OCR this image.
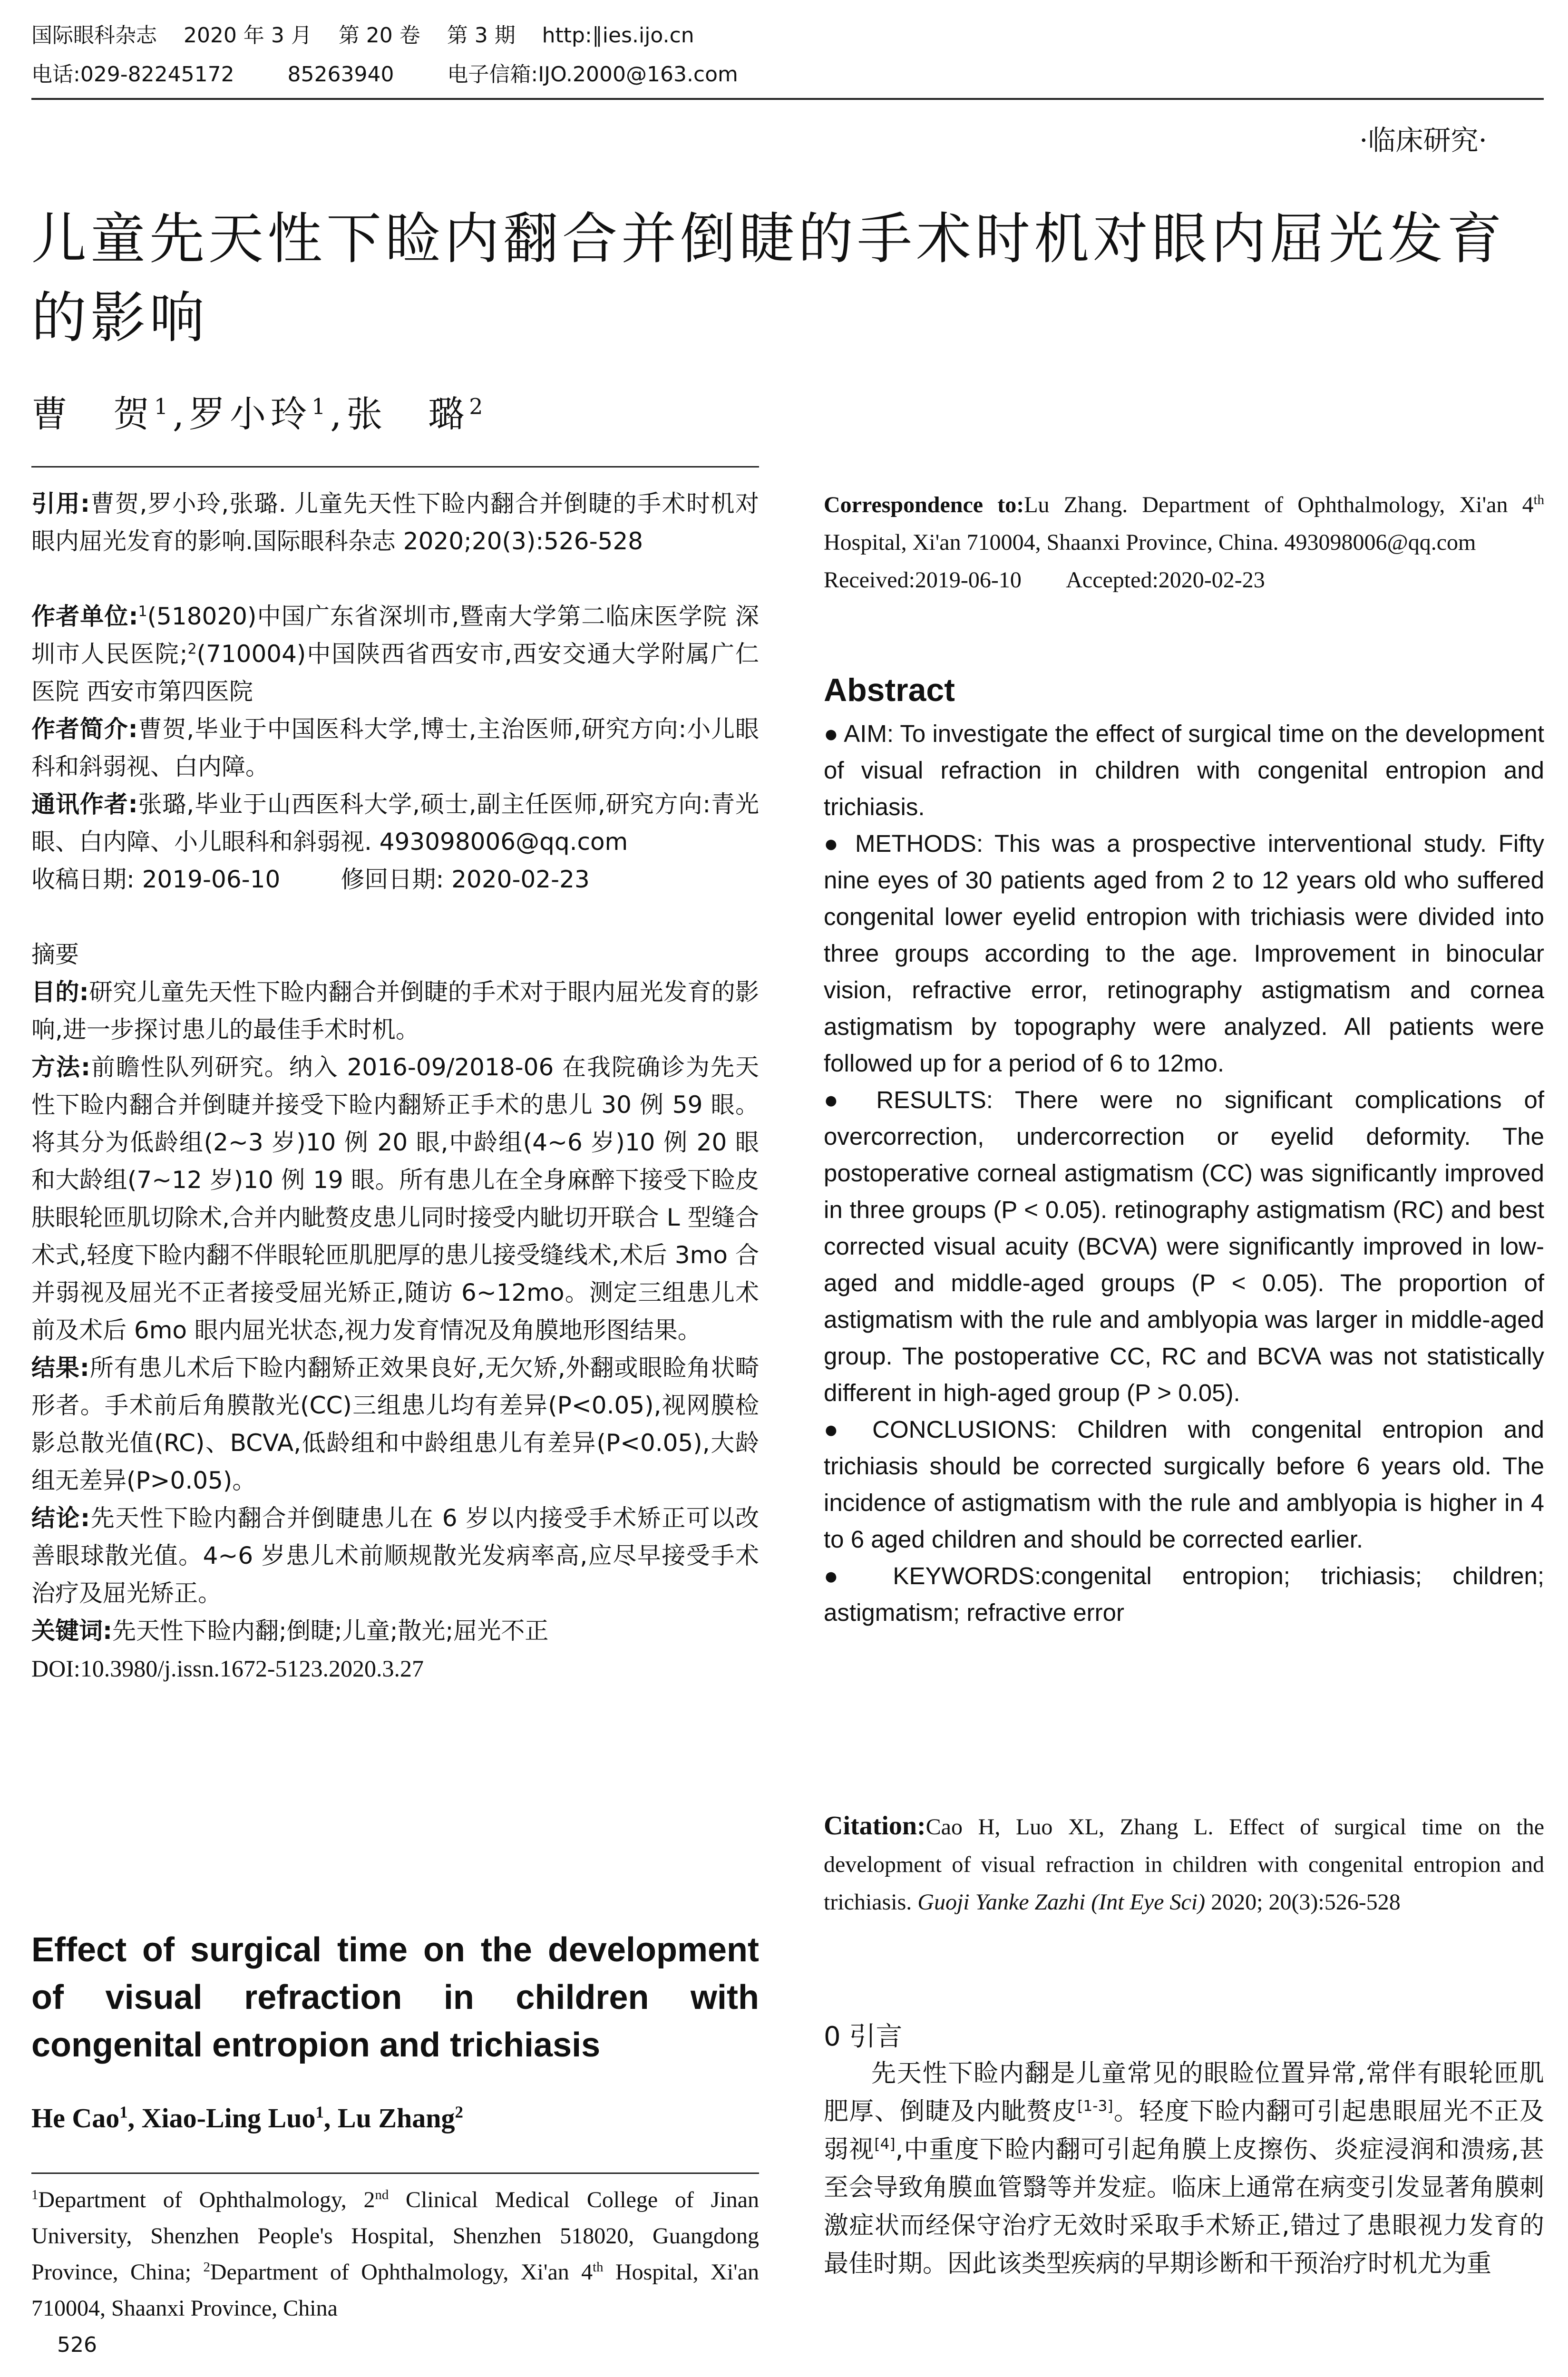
国际眼科杂志    2020 年 3 月    第 20 卷    第 3 期    http:∥ies.ijo.cn
电话:029-82245172        85263940        电子信箱:IJO.2000@163.com
·临床研究·
儿童先天性下睑内翻合并倒睫的手术时机对眼内屈光发育的影响
曹　贺$^1$,罗小玲$^1$,张　璐$^2$

引用:曹贺,罗小玲,张璐. 儿童先天性下睑内翻合并倒睫的手术时机对眼内屈光发育的影响.国际眼科杂志 2020;20(3):526-528

作者单位:$^1$(518020)中国广东省深圳市,暨南大学第二临床医学院 深圳市人民医院;$^2$(710004)中国陕西省西安市,西安交通大学附属广仁医院 西安市第四医院

作者简介:曹贺,毕业于中国医科大学,博士,主治医师,研究方向:小儿眼科和斜弱视、白内障。

通讯作者:张璐,毕业于山西医科大学,硕士,副主任医师,研究方向:青光眼、白内障、小儿眼科和斜弱视. 493098006@qq.com

收稿日期: 2019-06-10        修回日期: 2020-02-23

摘要

目的:研究儿童先天性下睑内翻合并倒睫的手术对于眼内屈光发育的影响,进一步探讨患儿的最佳手术时机。

方法:前瞻性队列研究。纳入 2016-09/2018-06 在我院确诊为先天性下睑内翻合并倒睫并接受下睑内翻矫正手术的患儿 30 例 59 眼。将其分为低龄组(2~3 岁)10 例 20 眼,中龄组(4~6 岁)10 例 20 眼和大龄组(7~12 岁)10 例 19 眼。所有患儿在全身麻醉下接受下睑皮肤眼轮匝肌切除术,合并内眦赘皮患儿同时接受内眦切开联合 L 型缝合术式,轻度下睑内翻不伴眼轮匝肌肥厚的患儿接受缝线术,术后 3mo 合并弱视及屈光不正者接受屈光矫正,随访 6~12mo。测定三组患儿术前及术后 6mo 眼内屈光状态,视力发育情况及角膜地形图结果。

结果:所有患儿术后下睑内翻矫正效果良好,无欠矫,外翻或眼睑角状畸形者。手术前后角膜散光(CC)三组患儿均有差异(P<0.05),视网膜检影总散光值(RC)、BCVA,低龄组和中龄组患儿有差异(P<0.05),大龄组无差异(P>0.05)。

结论:先天性下睑内翻合并倒睫患儿在 6 岁以内接受手术矫正可以改善眼球散光值。4~6 岁患儿术前顺规散光发病率高,应尽早接受手术治疗及屈光矫正。

关键词:先天性下睑内翻;倒睫;儿童;散光;屈光不正

DOI:10.3980/j.issn.1672-5123.2020.3.27

Effect of surgical time on the development of visual refraction in children with congenital entropion and trichiasis
He Cao$^1$, Xiao-Ling Luo$^1$, Lu Zhang$^2$
$^1$Department of Ophthalmology, 2nd Clinical Medical College of Jinan University, Shenzhen People's Hospital, Shenzhen 518020, Guangdong Province, China; $^2$Department of Ophthalmology, Xi'an 4th Hospital, Xi'an 710004, Shaanxi Province, China

Correspondence to:Lu Zhang. Department of Ophthalmology, Xi'an 4th Hospital, Xi'an 710004, Shaanxi Province, China. 493098006@qq.com

Received:2019-06-10        Accepted:2020-02-23

Abstract

● AIM: To investigate the effect of surgical time on the development of visual refraction in children with congenital entropion and trichiasis.

● METHODS: This was a prospective interventional study. Fifty nine eyes of 30 patients aged from 2 to 12 years old who suffered congenital lower eyelid entropion with trichiasis were divided into three groups according to the age. Improvement in binocular vision, refractive error, retinography astigmatism and cornea astigmatism by topography were analyzed. All patients were followed up for a period of 6 to 12mo.

● RESULTS: There were no significant complications of overcorrection, undercorrection or eyelid deformity. The postoperative corneal astigmatism (CC) was significantly improved in three groups (P < 0.05). retinography astigmatism (RC) and best corrected visual acuity (BCVA) were significantly improved in low-aged and middle-aged groups (P < 0.05). The proportion of astigmatism with the rule and amblyopia was larger in middle-aged group. The postoperative CC, RC and BCVA was not statistically different in high-aged group (P > 0.05).

● CONCLUSIONS: Children with congenital entropion and trichiasis should be corrected surgically before 6 years old. The incidence of astigmatism with the rule and amblyopia is higher in 4 to 6 aged children and should be corrected earlier.

● KEYWORDS:congenital entropion; trichiasis; children; astigmatism; refractive error

Citation:Cao H, Luo XL, Zhang L. Effect of surgical time on the development of visual refraction in children with congenital entropion and trichiasis. Guoji Yanke Zazhi (Int Eye Sci) 2020; 20(3):526-528

0 引言
先天性下睑内翻是儿童常见的眼睑位置异常,常伴有眼轮匝肌肥厚、倒睫及内眦赘皮[1-3]。轻度下睑内翻可引起患眼屈光不正及弱视[4],中重度下睑内翻可引起角膜上皮擦伤、炎症浸润和溃疡,甚至会导致角膜血管翳等并发症。临床上通常在病变引发显著角膜刺激症状而经保守治疗无效时采取手术矫正,错过了患眼视力发育的最佳时期。因此该类型疾病的早期诊断和干预治疗时机尤为重
526
